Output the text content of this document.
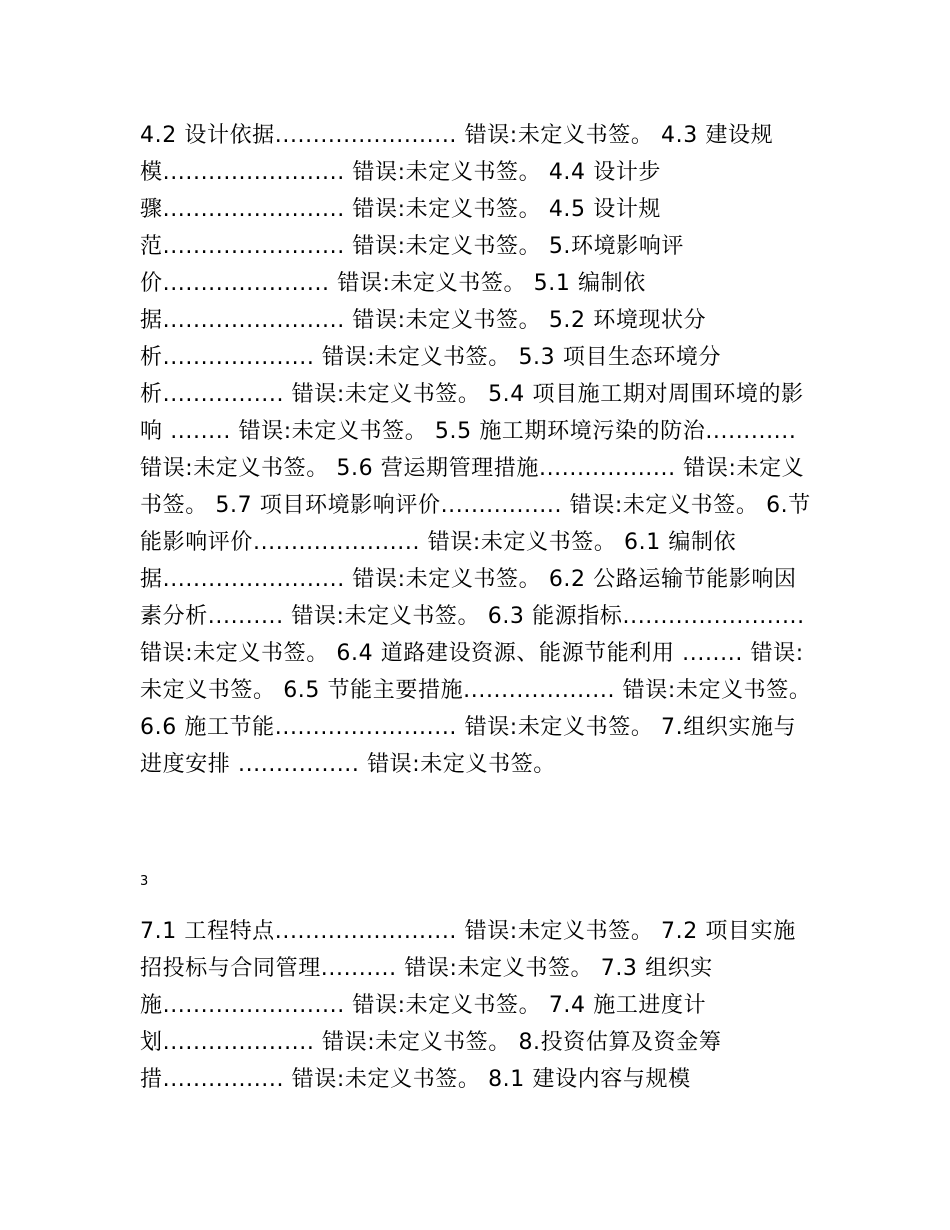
4.2 设计依据........................ 错误:未定义书签。 4.3 建设规模........................ 错误:未定义书签。 4.4 设计步骤........................ 错误:未定义书签。 4.5 设计规范........................ 错误:未定义书签。 5.环境影响评价...................... 错误:未定义书签。 5.1 编制依据........................ 错误:未定义书签。 5.2 环境现状分析.................... 错误:未定义书签。 5.3 项目生态环境分析................ 错误:未定义书签。 5.4 项目施工期对周围环境的影响 ........ 错误:未定义书签。 5.5 施工期环境污染的防治............ 错误:未定义书签。 5.6 营运期管理措施.................. 错误:未定义书签。 5.7 项目环境影响评价................ 错误:未定义书签。 6.节能影响评价...................... 错误:未定义书签。 6.1 编制依据........................ 错误:未定义书签。 6.2 公路运输节能影响因素分析.......... 错误:未定义书签。 6.3 能源指标........................ 错误:未定义书签。 6.4 道路建设资源、能源节能利用 ........ 错误:未定义书签。 6.5 节能主要措施.................... 错误:未定义书签。 6.6 施工节能........................ 错误:未定义书签。 7.组织实施与进度安排 ................ 错误:未定义书签。

3

7.1 工程特点........................ 错误:未定义书签。 7.2 项目实施招投标与合同管理.......... 错误:未定义书签。 7.3 组织实施........................ 错误:未定义书签。 7.4 施工进度计划.................... 错误:未定义书签。 8.投资估算及资金筹措................ 错误:未定义书签。 8.1 建设内容与规模
